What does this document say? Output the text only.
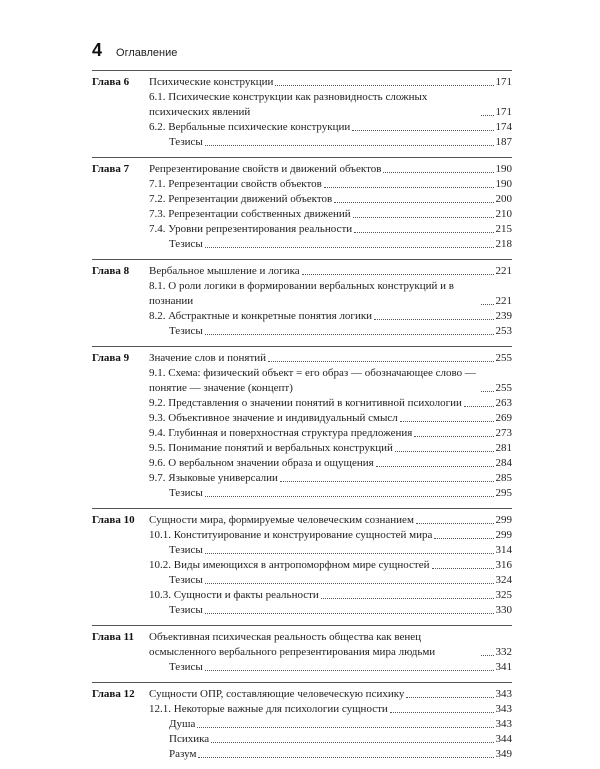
4 Оглавление
Глава 6	Психические конструкции	171
6.1. Психические конструкции как разновидность сложных психических явлений	171
6.2. Вербальные психические конструкции	174
Тезисы	187
Глава 7	Репрезентирование свойств и движений объектов	190
7.1. Репрезентации свойств объектов	190
7.2. Репрезентации движений объектов	200
7.3. Репрезентации собственных движений	210
7.4. Уровни репрезентирования реальности	215
Тезисы	218
Глава 8	Вербальное мышление и логика	221
8.1. О роли логики в формировании вербальных конструкций и в познании	221
8.2. Абстрактные и конкретные понятия логики	239
Тезисы	253
Глава 9	Значение слов и понятий	255
9.1. Схема: физический объект = его образ — обозначающее слово — понятие — значение (концепт)	255
9.2. Представления о значении понятий в когнитивной психологии	263
9.3. Объективное значение и индивидуальный смысл	269
9.4. Глубинная и поверхностная структура предложения	273
9.5. Понимание понятий и вербальных конструкций	281
9.6. О вербальном значении образа и ощущения	284
9.7. Языковые универсалии	285
Тезисы	295
Глава 10	Сущности мира, формируемые человеческим сознанием	299
10.1. Конституирование и конструирование сущностей мира	299
Тезисы	314
10.2. Виды имеющихся в антропоморфном мире сущностей	316
Тезисы	324
10.3. Сущности и факты реальности	325
Тезисы	330
Глава 11	Объективная психическая реальность общества как венец осмысленного вербального репрезентирования мира людьми	332
Тезисы	341
Глава 12	Сущности ОПР, составляющие человеческую психику	343
12.1. Некоторые важные для психологии сущности	343
Душа	343
Психика	344
Разум	349
